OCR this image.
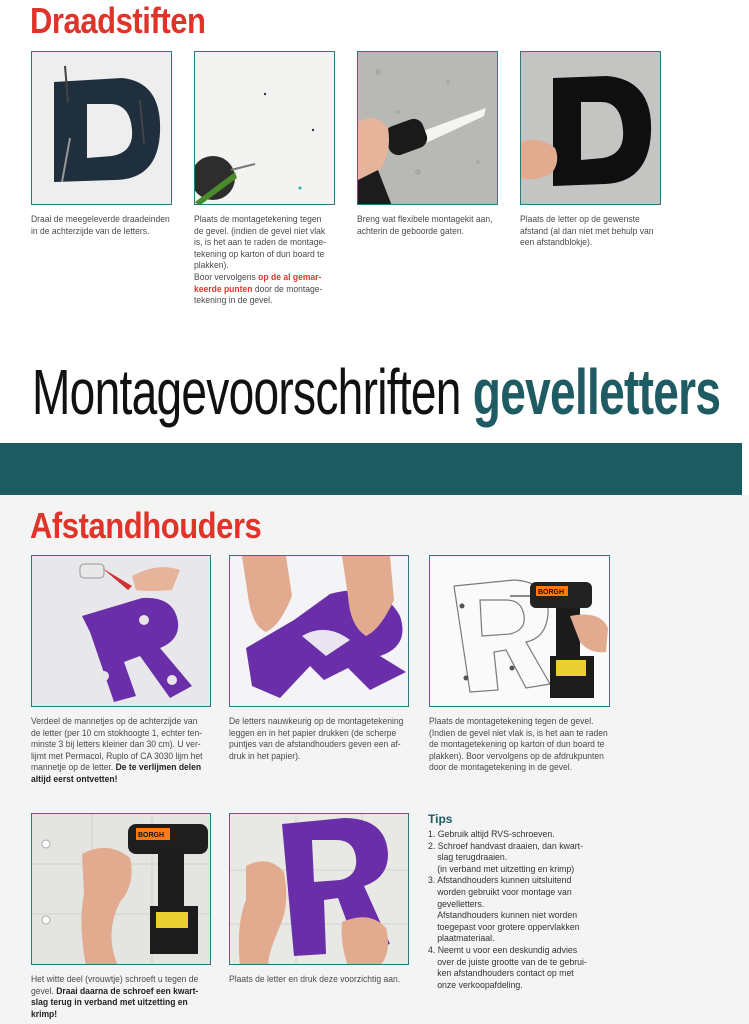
Draadstiften
Draai de meegeleverde draadeinden
in de achterzijde van de letters.
Plaats de montagetekening tegen
de gevel. (indien de gevel niet vlak
is, is het aan te raden de montage-
tekening op karton of dun board te
plakken).
Boor vervolgens op de al gemar-
keerde punten door de montage-
tekening in de gevel.
Breng wat flexibele montagekit aan,
achterin de geboorde gaten.
Plaats de letter op de gewenste
afstand (al dan niet met behulp van
een afstandblokje).
Montagevoorschriften gevelletters
Afstandhouders
BORGH
Verdeel de mannetjes op de achterzijde van
de letter (per 10 cm stokhoogte 1, echter ten-
minste 3 bij letters kleiner dan 30 cm). U ver-
lijmt met Permacol, Ruplo of CA 3030 lijm het
mannetje op de letter. De te verlijmen delen
altijd eerst ontvetten!
De letters nauwkeurig op de montagetekening
leggen en in het papier drukken (de scherpe
puntjes van de afstandhouders geven een af-
druk in het papier).
Plaats de montagetekening tegen de gevel.
(Indien de gevel niet vlak is, is het aan te raden
de montagetekening op karton of dun board te
plakken). Boor vervolgens op de afdrukpunten
door de montagetekening in de gevel.
BORGH
Het witte deel (vrouwtje) schroeft u tegen de
gevel. Draai daarna de schroef een kwart-
slag terug in verband met uitzetting en
krimp!
Plaats de letter en druk deze voorzichtig aan.
Tips
1. Gebruik altijd RVS-schroeven.
2. Schroef handvast draaien, dan kwart-
slag terugdraaien.
(in verband met uitzetting en krimp)
3. Afstandhouders kunnen uitsluitend
worden gebruikt voor montage van
gevelletters.
Afstandhouders kunnen niet worden
toegepast voor grotere oppervlakken
plaatmateriaal.
4. Neemt u voor een deskundig advies
over de juiste grootte van de te gebrui-
ken afstandhouders contact op met
onze verkoopafdeling.
